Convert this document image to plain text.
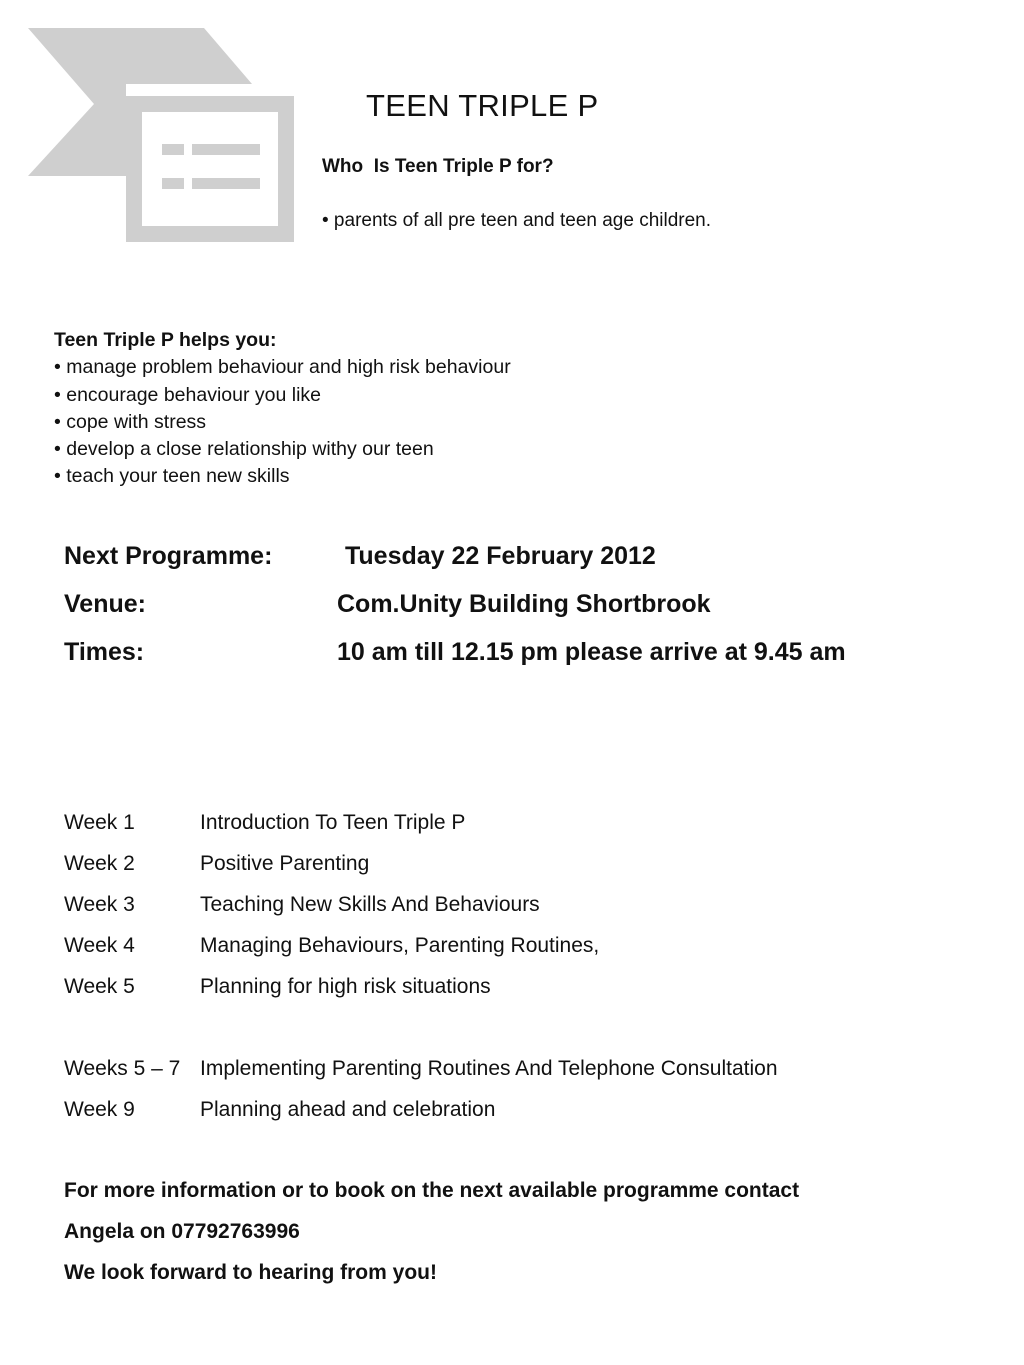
TEEN TRIPLE P
Who  Is Teen Triple P for?
• parents of all pre teen and teen age children.
Teen Triple P helps you:
• manage problem behaviour and high risk behaviour
• encourage behaviour you like
• cope with stress
• develop a close relationship withy our teen
• teach your teen new skills
Next Programme:	Tuesday 22 February 2012
Venue:	Com.Unity Building Shortbrook
Times:	10 am till 12.15 pm please arrive at 9.45 am
Week 1	Introduction To Teen Triple P
Week 2	Positive Parenting
Week 3	Teaching New Skills And Behaviours
Week 4	Managing Behaviours, Parenting Routines,
Week 5	Planning for high risk situations
Weeks 5 – 7 Implementing Parenting Routines And Telephone Consultation
Week 9	Planning ahead and celebration
For more information or to book on the next available programme contact
Angela on 07792763996
We look forward to hearing from you!
